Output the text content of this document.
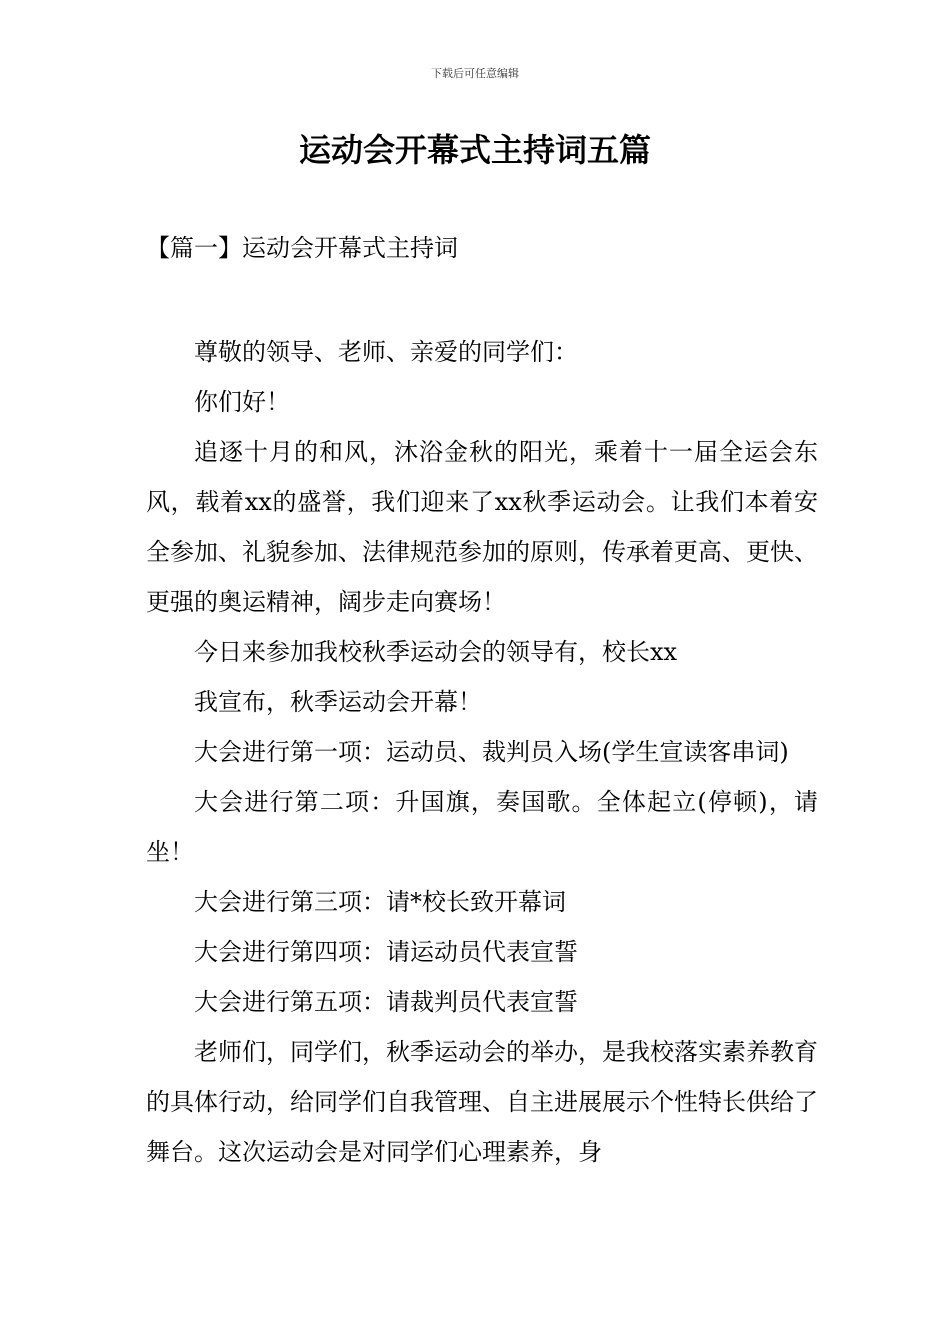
下载后可任意编辑
运动会开幕式主持词五篇
【篇一】运动会开幕式主持词

尊敬的领导、老师、亲爱的同学们：

你们好！

追逐十月的和风，沐浴金秋的阳光，乘着十一届全运会东风，载着xx的盛誉，我们迎来了xx秋季运动会。让我们本着安全参加、礼貌参加、法律规范参加的原则，传承着更高、更快、更强的奥运精神，阔步走向赛场！

今日来参加我校秋季运动会的领导有，校长xx

我宣布，秋季运动会开幕！

大会进行第一项：运动员、裁判员入场(学生宣读客串词)

大会进行第二项：升国旗，奏国歌。全体起立(停顿)，请坐！

大会进行第三项：请*校长致开幕词

大会进行第四项：请运动员代表宣誓

大会进行第五项：请裁判员代表宣誓

老师们，同学们，秋季运动会的举办，是我校落实素养教育的具体行动，给同学们自我管理、自主进展展示个性特长供给了舞台。这次运动会是对同学们心理素养，身
